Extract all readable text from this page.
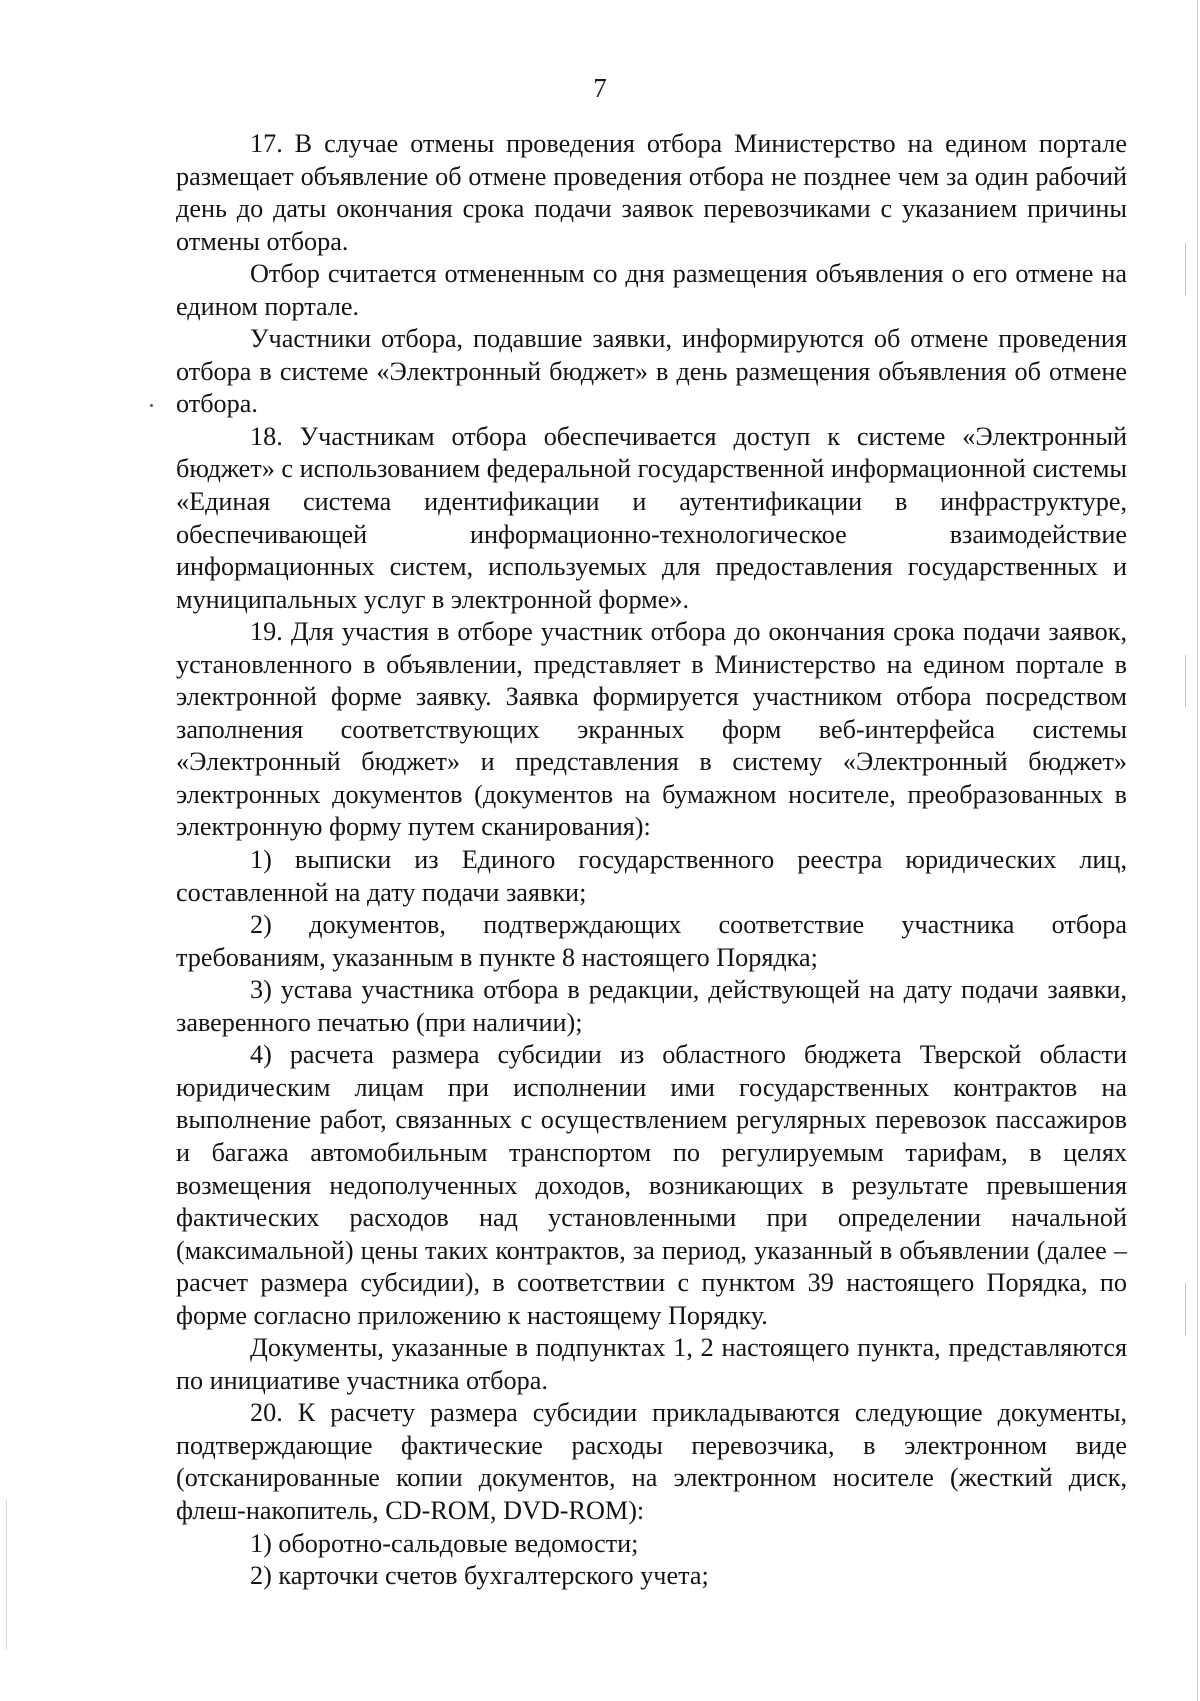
7

17. В случае отмены проведения отбора Министерство на едином портале размещает объявление об отмене проведения отбора не позднее чем за один рабочий день до даты окончания срока подачи заявок перевозчиками с указанием причины отмены отбора.

Отбор считается отмененным со дня размещения объявления о его отмене на едином портале.

Участники отбора, подавшие заявки, информируются об отмене проведения отбора в системе «Электронный бюджет» в день размещения объявления об отмене отбора.

18. Участникам отбора обеспечивается доступ к системе «Электронный бюджет» с использованием федеральной государственной информационной системы «Единая система идентификации и аутентификации в инфраструктуре, обеспечивающей информационно-технологическое взаимодействие информационных систем, используемых для предоставления государственных и муниципальных услуг в электронной форме».

19. Для участия в отборе участник отбора до окончания срока подачи заявок, установленного в объявлении, представляет в Министерство на едином портале в электронной форме заявку. Заявка формируется участником отбора посредством заполнения соответствующих экранных форм веб-интерфейса системы «Электронный бюджет» и представления в систему «Электронный бюджет» электронных документов (документов на бумажном носителе, преобразованных в электронную форму путем сканирования):

1) выписки из Единого государственного реестра юридических лиц, составленной на дату подачи заявки;

2) документов, подтверждающих соответствие участника отбора требованиям, указанным в пункте 8 настоящего Порядка;

3) устава участника отбора в редакции, действующей на дату подачи заявки, заверенного печатью (при наличии);

4) расчета размера субсидии из областного бюджета Тверской области юридическим лицам при исполнении ими государственных контрактов на выполнение работ, связанных с осуществлением регулярных перевозок пассажиров и багажа автомобильным транспортом по регулируемым тарифам, в целях возмещения недополученных доходов, возникающих в результате превышения фактических расходов над установленными при определении начальной (максимальной) цены таких контрактов, за период, указанный в объявлении (далее – расчет размера субсидии), в соответствии с пунктом 39 настоящего Порядка, по форме согласно приложению к настоящему Порядку.

Документы, указанные в подпунктах 1, 2 настоящего пункта, представляются по инициативе участника отбора.

20. К расчету размера субсидии прикладываются следующие документы, подтверждающие фактические расходы перевозчика, в электронном виде (отсканированные копии документов, на электронном носителе (жесткий диск, флеш-накопитель, CD-ROM, DVD-ROM):

1) оборотно-сальдовые ведомости;

2) карточки счетов бухгалтерского учета;
